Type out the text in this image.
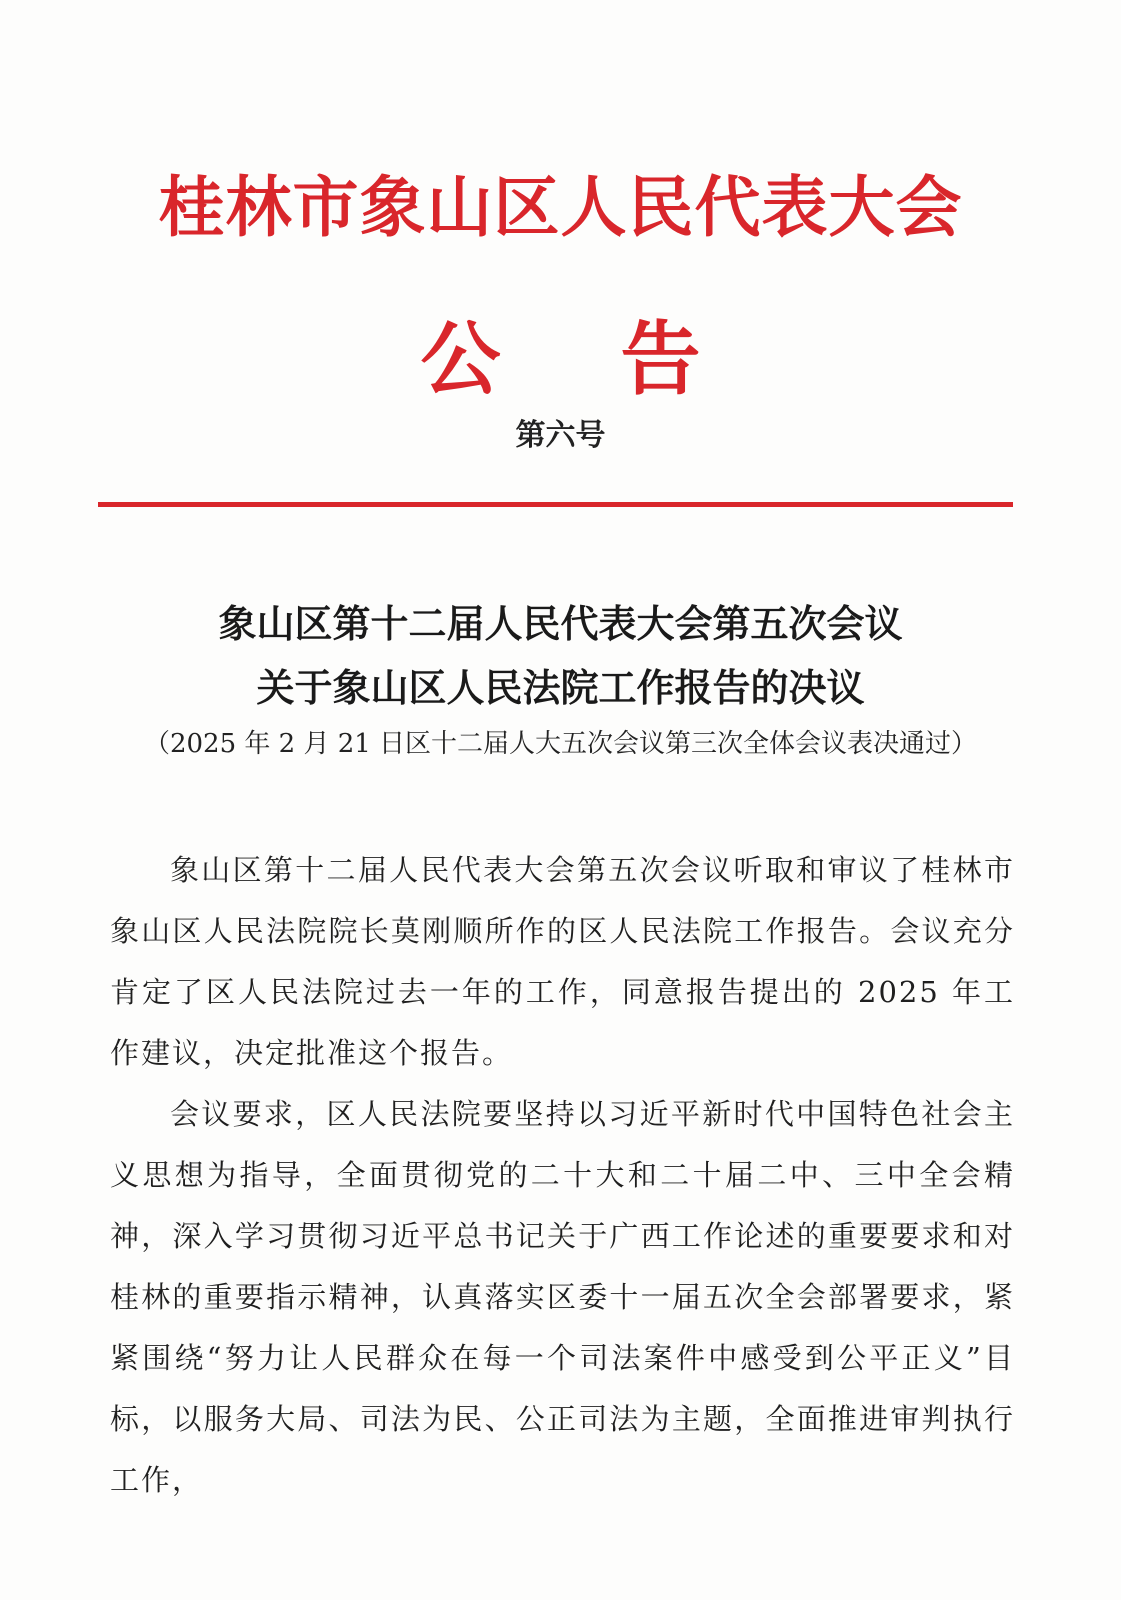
桂林市象山区人民代表大会
公告
第六号
象山区第十二届人民代表大会第五次会议
关于象山区人民法院工作报告的决议
（2025 年 2 月 21 日区十二届人大五次会议第三次全体会议表决通过）

象山区第十二届人民代表大会第五次会议听取和审议了桂林市象山区人民法院院长莫刚顺所作的区人民法院工作报告。会议充分肯定了区人民法院过去一年的工作，同意报告提出的 2025 年工作建议，决定批准这个报告。

会议要求，区人民法院要坚持以习近平新时代中国特色社会主义思想为指导，全面贯彻党的二十大和二十届二中、三中全会精神，深入学习贯彻习近平总书记关于广西工作论述的重要要求和对桂林的重要指示精神，认真落实区委十一届五次全会部署要求，紧紧围绕“努力让人民群众在每一个司法案件中感受到公平正义”目标，以服务大局、司法为民、公正司法为主题，全面推进审判执行工作，
